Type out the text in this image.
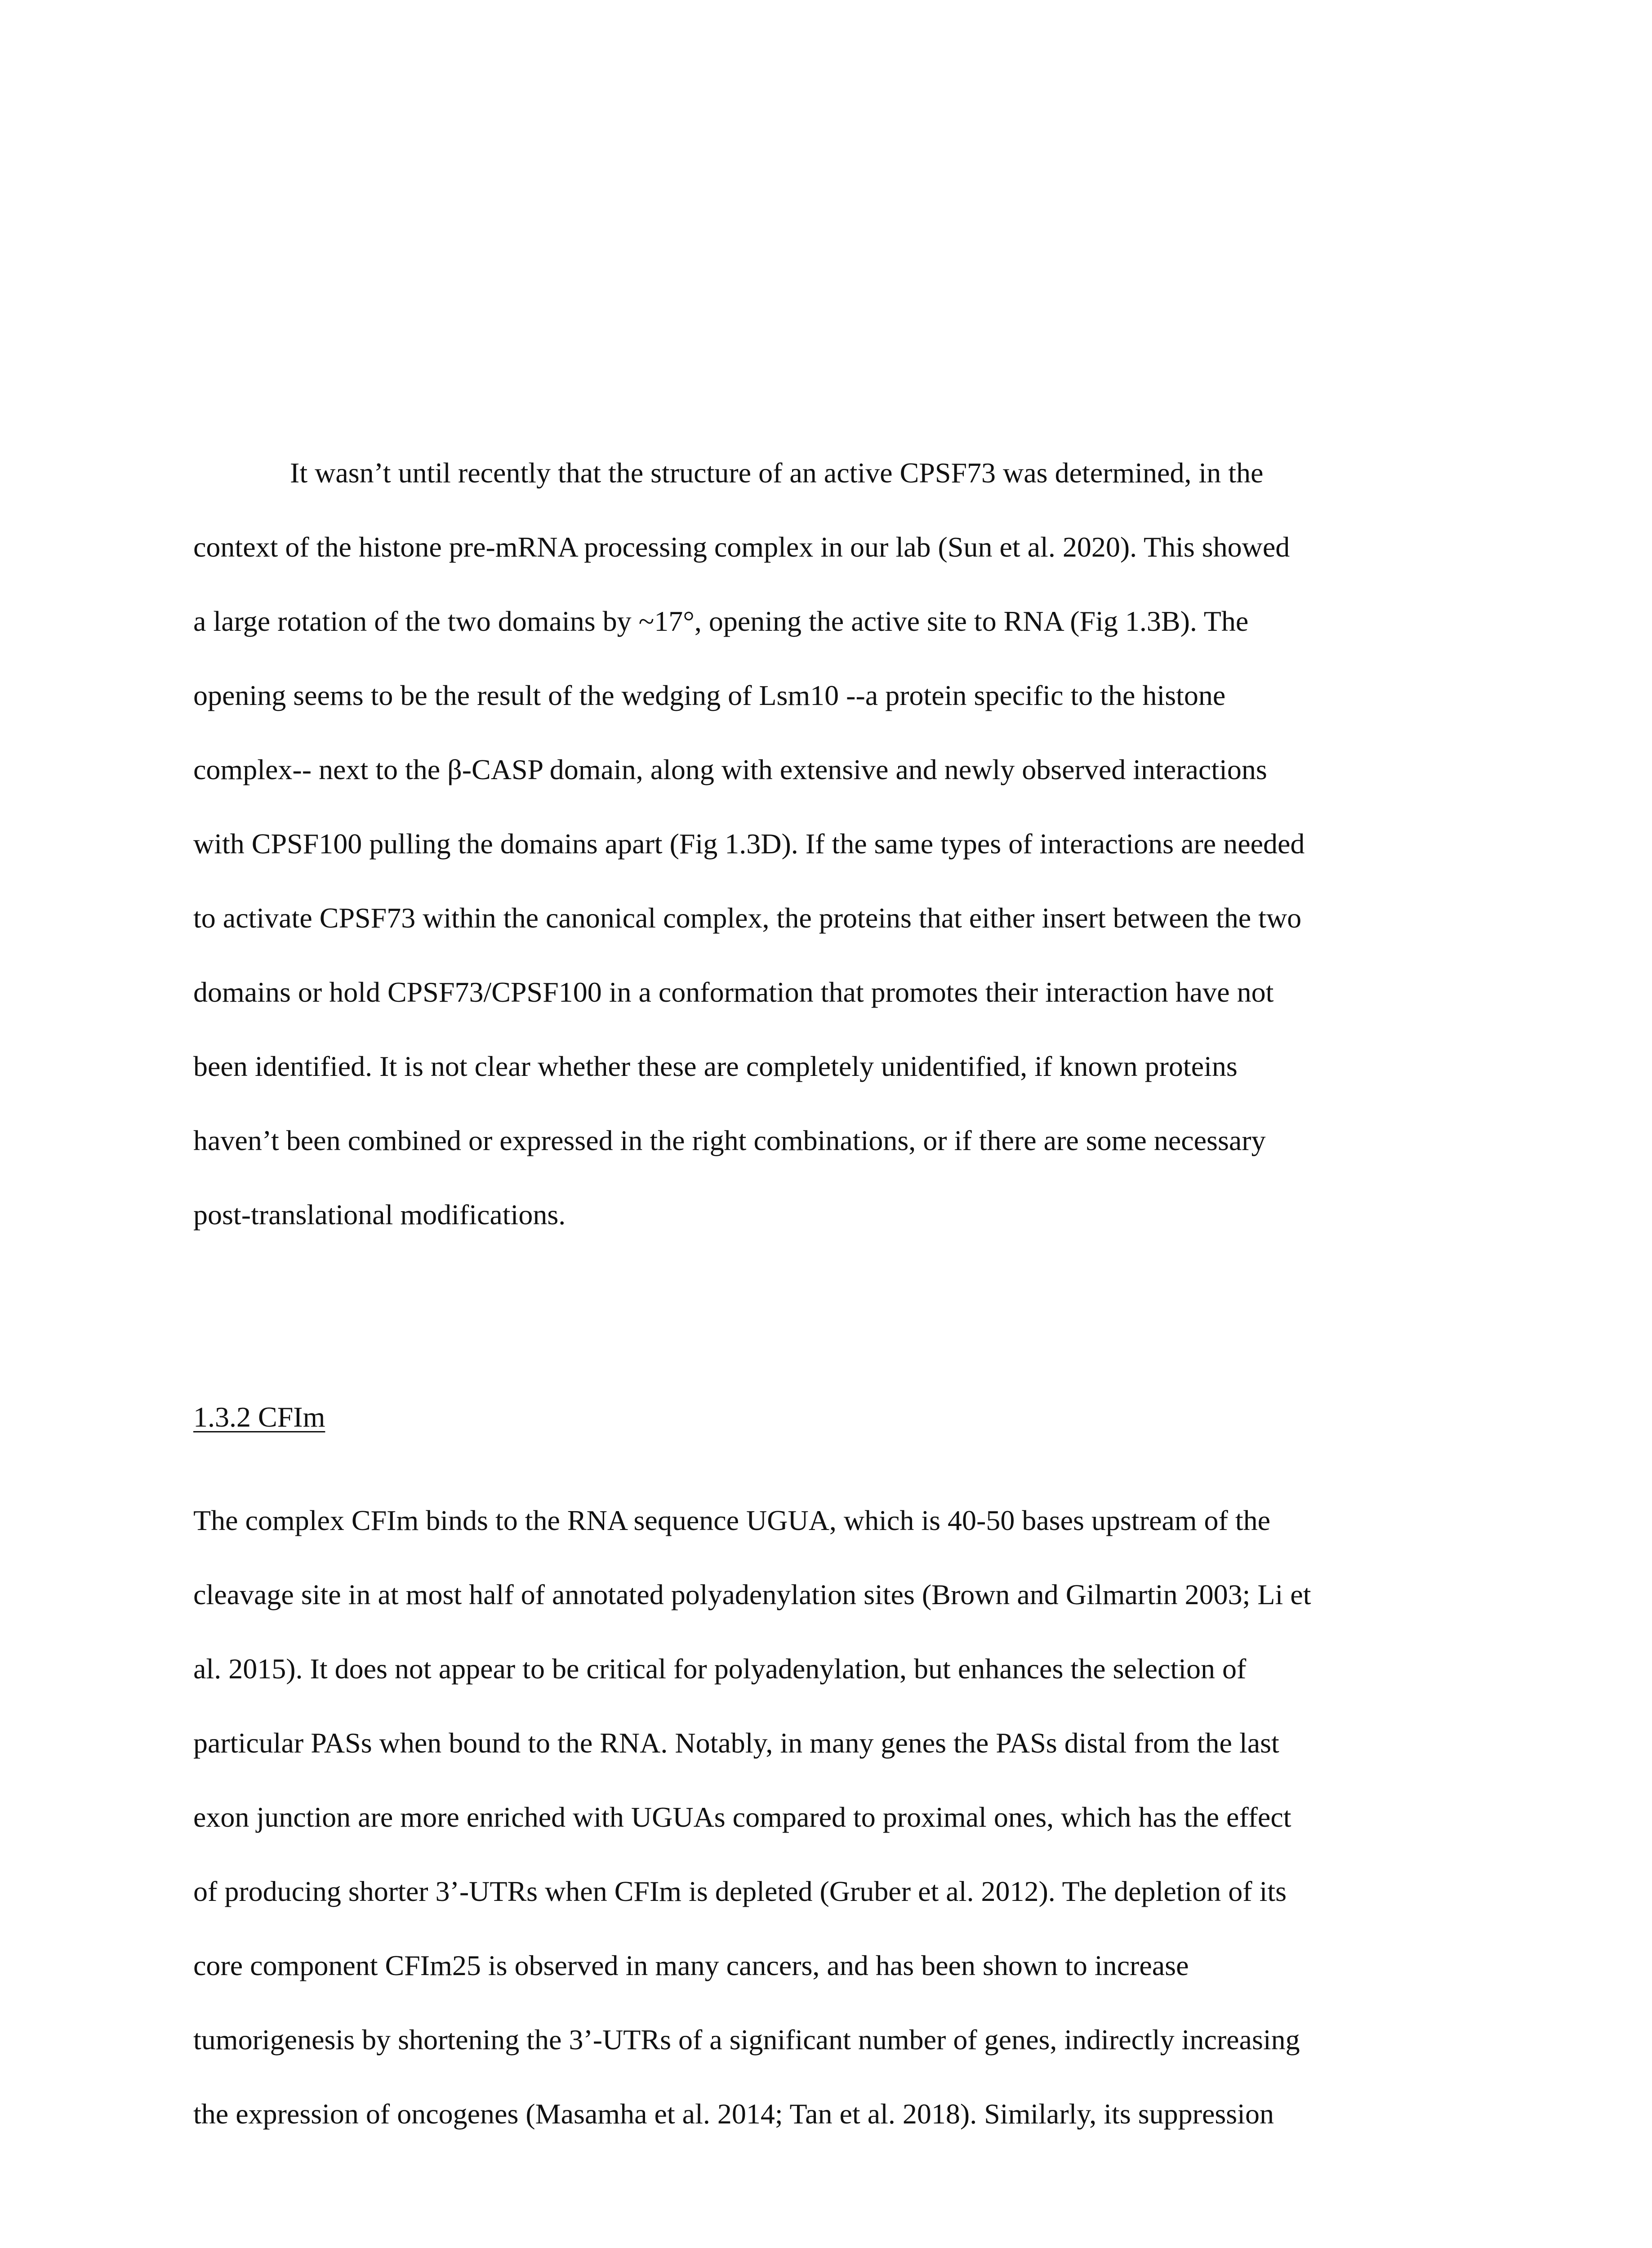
It wasn’t until recently that the structure of an active CPSF73 was determined, in the

context of the histone pre-mRNA processing complex in our lab (Sun et al. 2020). This showed

a large rotation of the two domains by ~17°, opening the active site to RNA (Fig 1.3B). The

opening seems to be the result of the wedging of Lsm10 --a protein specific to the histone

complex-- next to the β-CASP domain, along with extensive and newly observed interactions

with CPSF100 pulling the domains apart (Fig 1.3D). If the same types of interactions are needed

to activate CPSF73 within the canonical complex, the proteins that either insert between the two

domains or hold CPSF73/CPSF100 in a conformation that promotes their interaction have not

been identified. It is not clear whether these are completely unidentified, if known proteins

haven’t been combined or expressed in the right combinations, or if there are some necessary

post-translational modifications.

1.3.2 CFIm

The complex CFIm binds to the RNA sequence UGUA, which is 40-50 bases upstream of the

cleavage site in at most half of annotated polyadenylation sites (Brown and Gilmartin 2003; Li et

al. 2015). It does not appear to be critical for polyadenylation, but enhances the selection of

particular PASs when bound to the RNA. Notably, in many genes the PASs distal from the last

exon junction are more enriched with UGUAs compared to proximal ones, which has the effect

of producing shorter 3’-UTRs when CFIm is depleted (Gruber et al. 2012). The depletion of its

core component CFIm25 is observed in many cancers, and has been shown to increase

tumorigenesis by shortening the 3’-UTRs of a significant number of genes, indirectly increasing

the expression of oncogenes (Masamha et al. 2014; Tan et al. 2018). Similarly, its suppression
